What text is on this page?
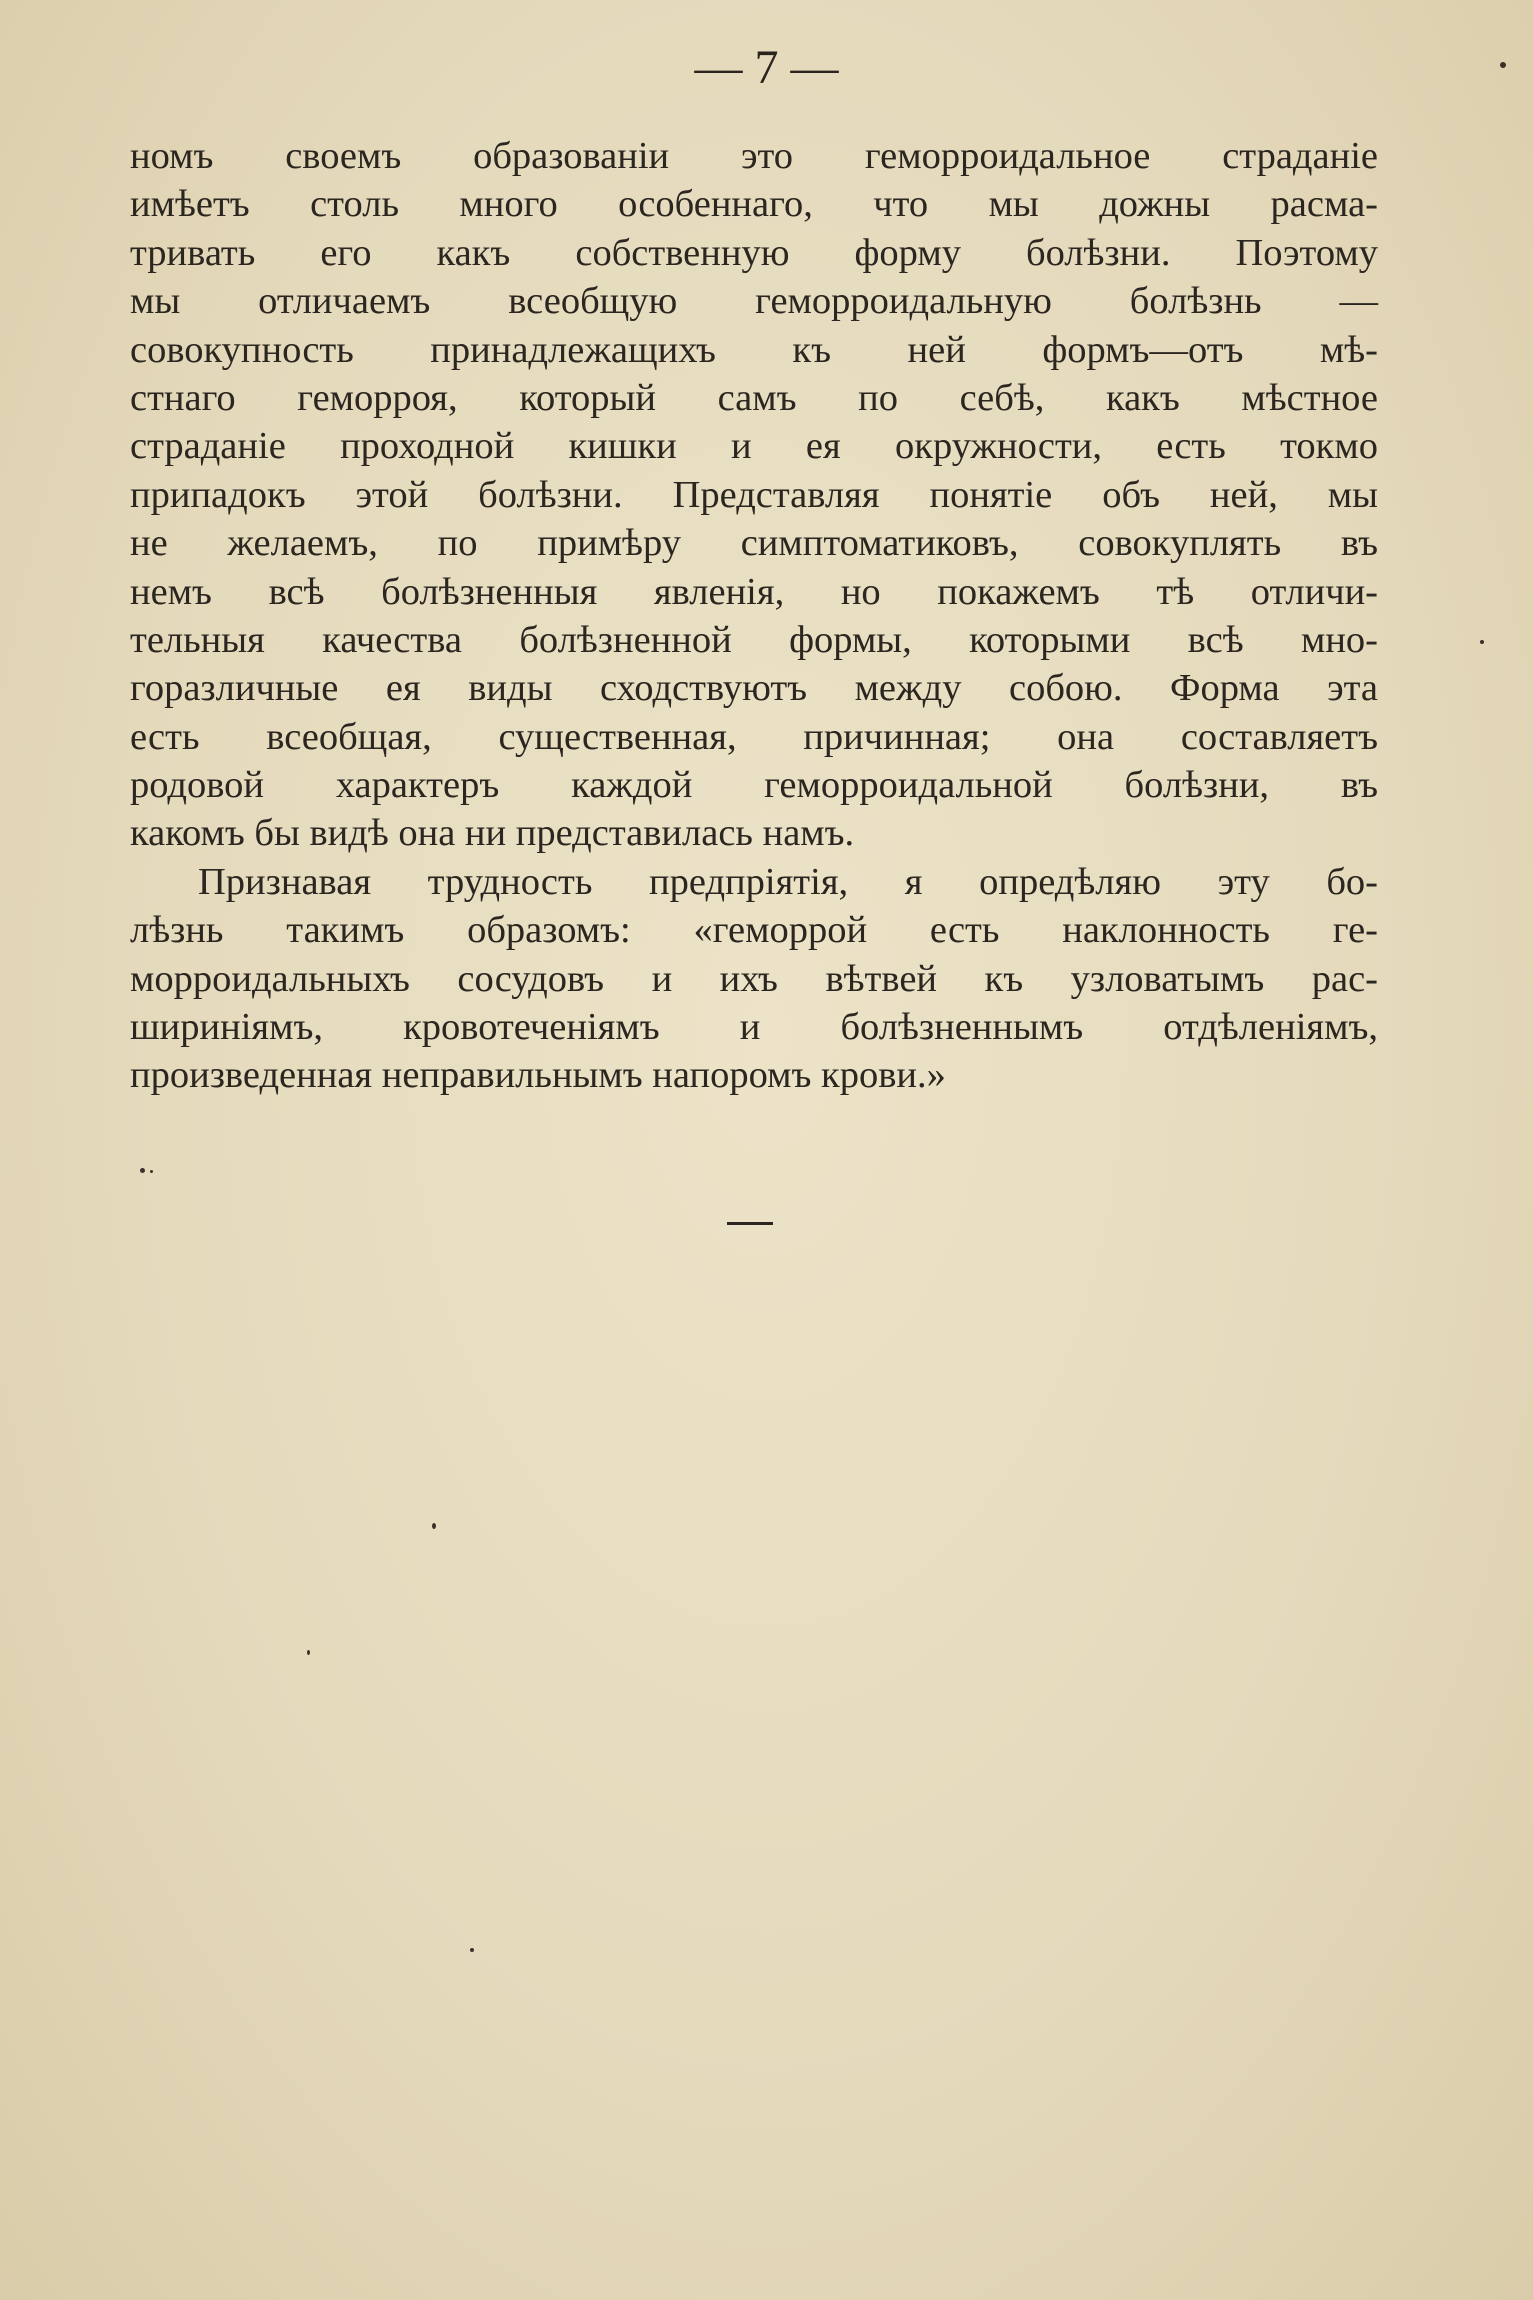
— 7 —
номъ своемъ образованіи это геморроидальное страданіе
имѣетъ столь много особеннаго, что мы дожны расма-
тривать его какъ собственную форму болѣзни. Поэтому
мы отличаемъ всеобщую геморроидальную болѣзнь —
совокупность принадлежащихъ къ ней формъ—отъ мѣ-
стнаго геморроя, который самъ по себѣ, какъ мѣстное
страданіе проходной кишки и ея окружности, есть токмо
припадокъ этой болѣзни. Представляя понятіе объ ней, мы
не желаемъ, по примѣру симптоматиковъ, совокуплять въ
немъ всѣ болѣзненныя явленія, но покажемъ тѣ отличи-
тельныя качества болѣзненной формы, которыми всѣ мно-
горазличные ея виды сходствуютъ между собою. Форма эта
есть всеобщая, существенная, причинная; она составляетъ
родовой характеръ каждой геморроидальной болѣзни, въ
какомъ бы видѣ она ни представилась намъ.
Признавая трудность предпріятія, я опредѣляю эту бо-
лѣзнь такимъ образомъ: «геморрой есть наклонность ге-
морроидальныхъ сосудовъ и ихъ вѣтвей къ узловатымъ рас-
шириніямъ, кровотеченіямъ и болѣзненнымъ отдѣленіямъ,
произведенная неправильнымъ напоромъ крови.»
